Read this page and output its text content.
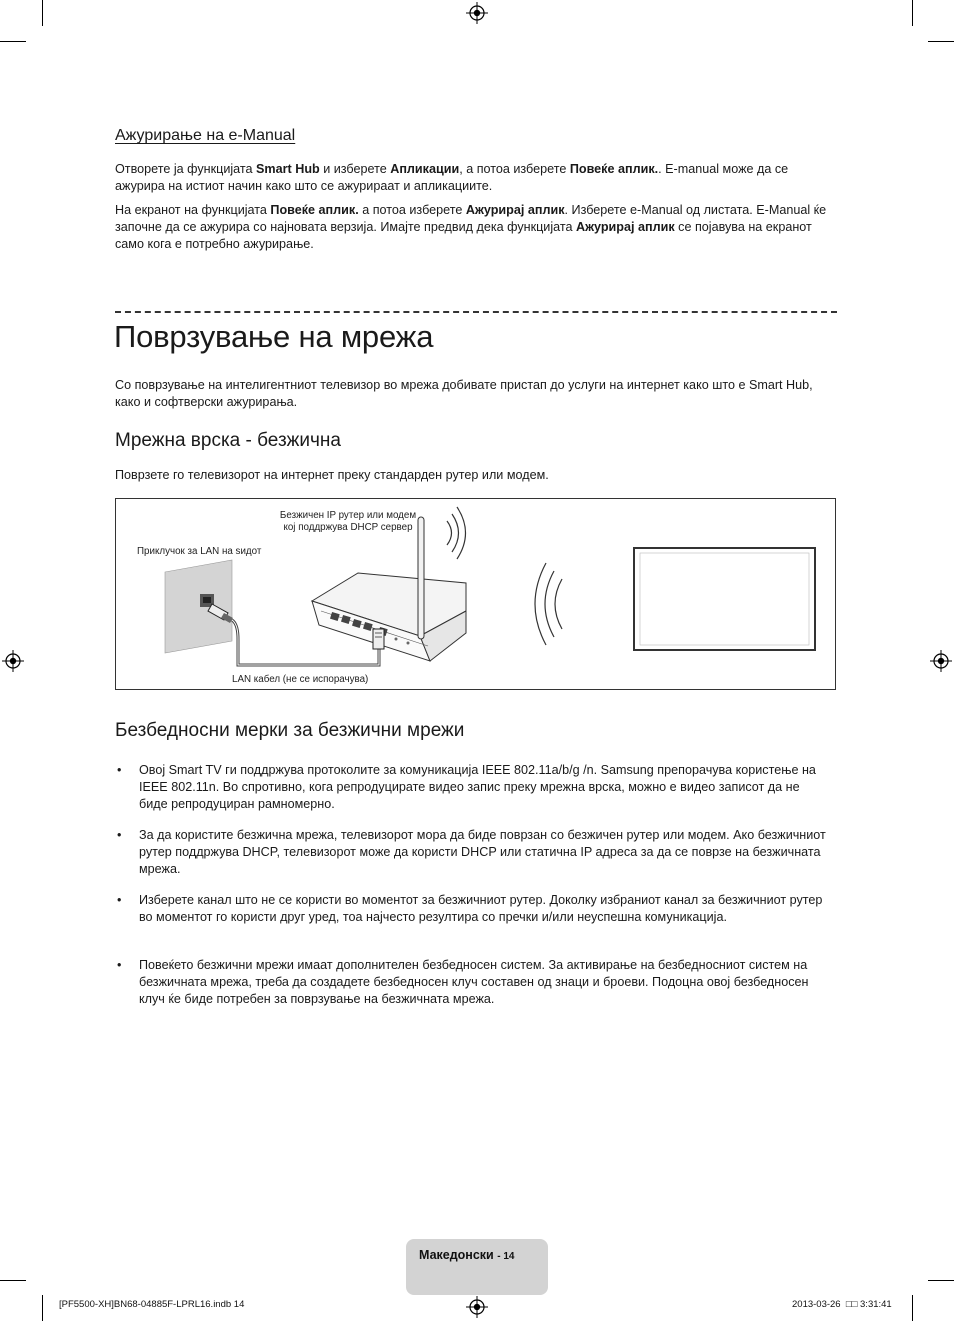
Ажурирање на e-Manual
Отворете ја функцијата Smart Hub и изберете Апликации, а потоа изберете Повеќе аплик.. E-manual може да се ажурира на истиот начин како што се ажурираат и апликациите.
На екранот на функцијата Повеќе аплик. а потоа изберете Ажурирај аплик. Изберете e-Manual од листата. E-Manual ќе започне да се ажурира со најновата верзија. Имајте предвид дека функцијата Ажурирај аплик се појавува на екранот само кога е потребно ажурирање.
Поврзување на мрежа
Со поврзување на интелигентниот телевизор во мрежа добивате пристап до услуги на интернет како што е Smart Hub, како и софтверски ажурирања.
Мрежна врска - безжична
Поврзете го телевизорот на интернет преку стандарден рутер или модем.
Безжичен IP рутер или модем
кој поддржува DHCP сервер
Приклучок за LAN на ѕидот
LAN кабел (не се испорачува)
Безбедносни мерки за безжични мрежи
• Овој Smart TV ги поддржува протоколите за комуникација IEEE 802.11a/b/g /n. Samsung препорачува користење на IEEE 802.11n. Во спротивно, кога репродуцирате видео запис преку мрежна врска, можно е видео записот да не биде репродуциран рамномерно.
• За да користите безжична мрежа, телевизорот мора да биде поврзан со безжичен рутер или модем. Ако безжичниот рутер поддржува DHCP, телевизорот може да користи DHCP или статична IP адреса за да се поврзе на безжичната мрежа.
• Изберете канал што не се користи во моментот за безжичниот рутер. Доколку избраниот канал за безжичниот рутер во моментот го користи друг уред, тоа најчесто резултира со пречки и/или неуспешна комуникација.
• Повеќето безжични мрежи имаат дополнителен безбедносен систем. За активирање на безбедносниот систем на безжичната мрежа, треба да создадете безбедносен клуч составен од знаци и броеви. Подоцна овој безбедносен клуч ќе биде потребен за поврзување на безжичната мрежа.
Македонски - 14
[PF5500-XH]BN68-04885F-LPRL16.indb 14	2013-03-26 □□ 3:31:41
